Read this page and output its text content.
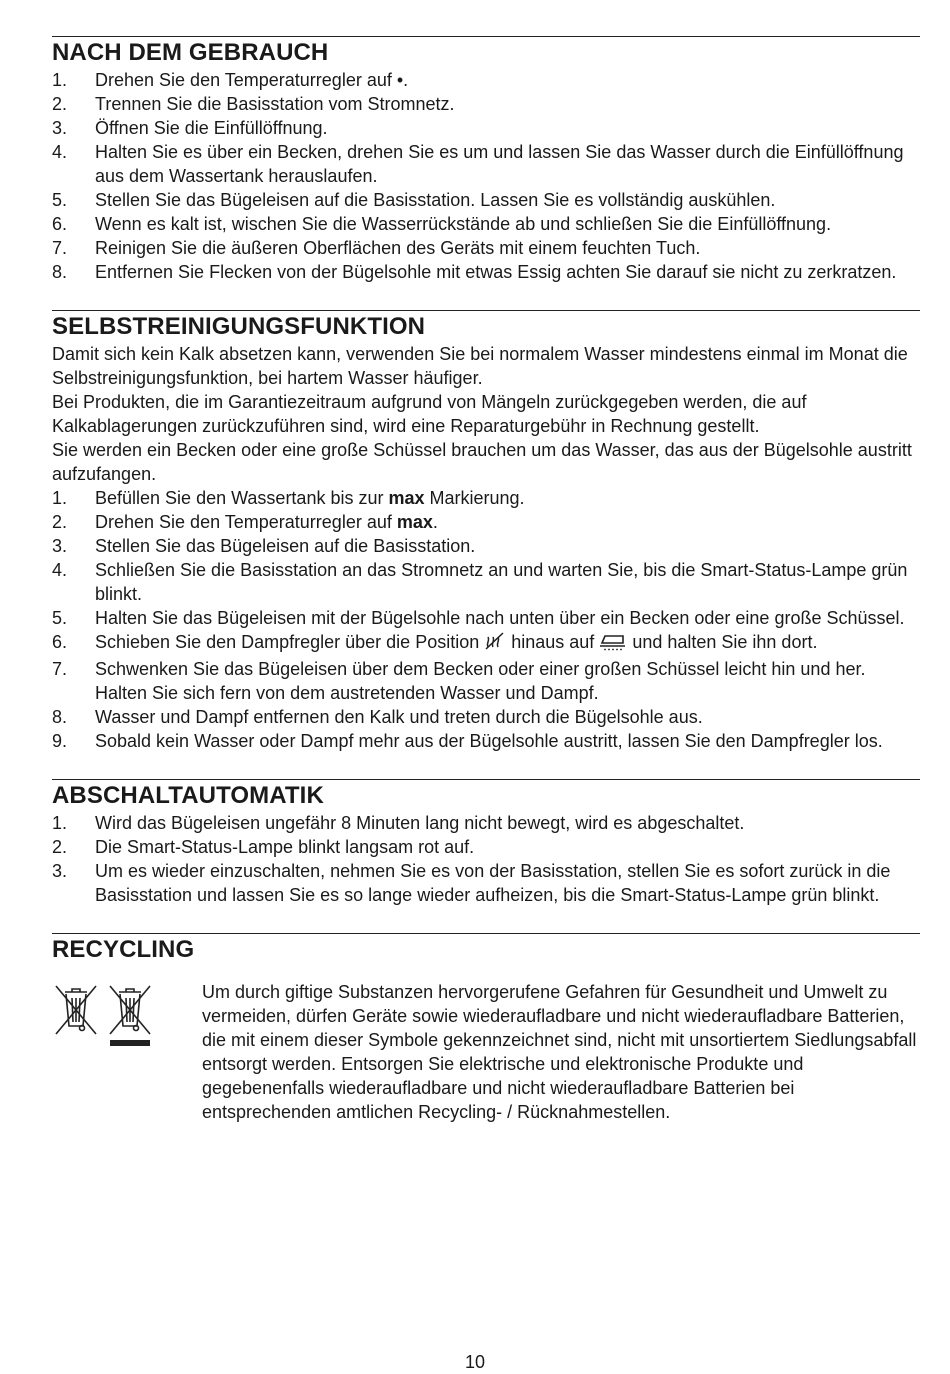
NACH DEM GEBRAUCH
1.	Drehen Sie den Temperaturregler auf •.
2.	Trennen Sie die Basisstation vom Stromnetz.
3.	Öffnen Sie die Einfüllöffnung.
4.	Halten Sie es über ein Becken, drehen Sie es um und lassen Sie das Wasser durch die Einfüllöffnung aus dem Wassertank herauslaufen.
5.	Stellen Sie das Bügeleisen auf die Basisstation. Lassen Sie es vollständig auskühlen.
6.	Wenn es kalt ist, wischen Sie die Wasserrückstände ab und schließen Sie die Einfüllöffnung.
7.	Reinigen Sie die äußeren Oberflächen des Geräts mit einem feuchten Tuch.
8.	Entfernen Sie Flecken von der Bügelsohle mit etwas Essig achten Sie darauf sie nicht zu zerkratzen.
SELBSTREINIGUNGSFUNKTION

Damit sich kein Kalk absetzen kann, verwenden Sie bei normalem Wasser mindestens einmal im Monat die Selbstreinigungsfunktion, bei hartem Wasser häufiger.

Bei Produkten, die im Garantiezeitraum aufgrund von Mängeln zurückgegeben werden, die auf Kalkablagerungen zurückzuführen sind, wird eine Reparaturgebühr in Rechnung gestellt.

Sie werden ein Becken oder eine große Schüssel brauchen um das Wasser, das aus der Bügelsohle austritt aufzufangen.

1.	Befüllen Sie den Wassertank bis zur max Markierung.
2.	Drehen Sie den Temperaturregler auf max.
3.	Stellen Sie das Bügeleisen auf die Basisstation.
4.	Schließen Sie die Basisstation an das Stromnetz an und warten Sie, bis die Smart-Status-Lampe grün blinkt.
5.	Halten Sie das Bügeleisen mit der Bügelsohle nach unten über ein Becken oder eine große Schüssel.
6.	Schieben Sie den Dampfregler über die Position  hinaus auf  und halten Sie ihn dort.
7.	Schwenken Sie das Bügeleisen über dem Becken oder einer großen Schüssel leicht hin und her. Halten Sie sich fern von dem austretenden Wasser und Dampf.
8.	Wasser und Dampf entfernen den Kalk und treten durch die Bügelsohle aus.
9.	Sobald kein Wasser oder Dampf mehr aus der Bügelsohle austritt, lassen Sie den Dampfregler los.
ABSCHALTAUTOMATIK
1.	Wird das Bügeleisen ungefähr 8 Minuten lang nicht bewegt, wird es abgeschaltet.
2.	Die Smart-Status-Lampe blinkt langsam rot auf.
3.	Um es wieder einzuschalten, nehmen Sie es von der Basisstation, stellen Sie es sofort zurück in die Basisstation und lassen Sie es so lange wieder aufheizen, bis die Smart-Status-Lampe grün blinkt.
RECYCLING
Um durch giftige Substanzen hervorgerufene Gefahren für Gesundheit und Umwelt zu vermeiden, dürfen Geräte sowie wiederaufladbare und nicht wiederaufladbare Batterien, die mit einem dieser Symbole gekennzeichnet sind, nicht mit unsortiertem Siedlungsabfall entsorgt werden. Entsorgen Sie elektrische und elektronische Produkte und gegebenenfalls wiederaufladbare und nicht wiederaufladbare Batterien bei entsprechenden amtlichen Recycling- / Rücknahmestellen.
10
